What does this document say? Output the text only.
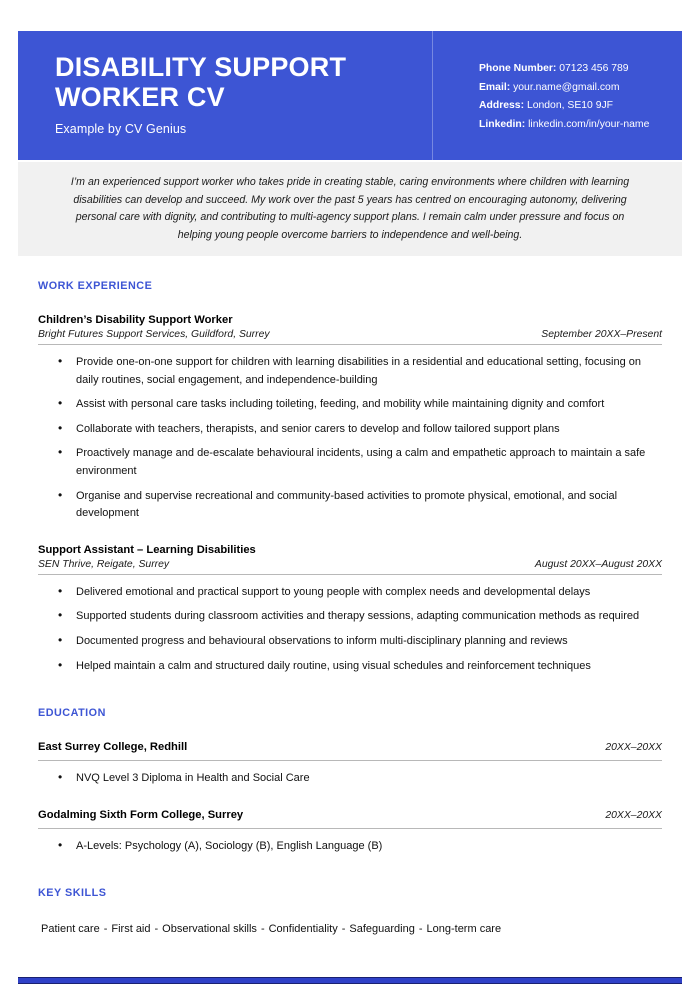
DISABILITY SUPPORT WORKER CV
Example by CV Genius
Phone Number: 07123 456 789
Email: your.name@gmail.com
Address: London, SE10 9JF
Linkedin: linkedin.com/in/your-name
I’m an experienced support worker who takes pride in creating stable, caring environments where children with learning disabilities can develop and succeed. My work over the past 5 years has centred on encouraging autonomy, delivering personal care with dignity, and contributing to multi-agency support plans. I remain calm under pressure and focus on helping young people overcome barriers to independence and well-being.
WORK EXPERIENCE
Children’s Disability Support Worker
Bright Futures Support Services, Guildford, Surrey	September 20XX–Present
• Provide one-on-one support for children with learning disabilities in a residential and educational setting, focusing on daily routines, social engagement, and independence-building
• Assist with personal care tasks including toileting, feeding, and mobility while maintaining dignity and comfort
• Collaborate with teachers, therapists, and senior carers to develop and follow tailored support plans
• Proactively manage and de-escalate behavioural incidents, using a calm and empathetic approach to maintain a safe environment
• Organise and supervise recreational and community-based activities to promote physical, emotional, and social development
Support Assistant – Learning Disabilities
SEN Thrive, Reigate, Surrey	August 20XX–August 20XX
• Delivered emotional and practical support to young people with complex needs and developmental delays
• Supported students during classroom activities and therapy sessions, adapting communication methods as required
• Documented progress and behavioural observations to inform multi-disciplinary planning and reviews
• Helped maintain a calm and structured daily routine, using visual schedules and reinforcement techniques
EDUCATION
East Surrey College, Redhill	20XX–20XX
• NVQ Level 3 Diploma in Health and Social Care
Godalming Sixth Form College, Surrey	20XX–20XX
• A-Levels: Psychology (A), Sociology (B), English Language (B)
KEY SKILLS
Patient care - First aid - Observational skills - Confidentiality - Safeguarding - Long-term care
